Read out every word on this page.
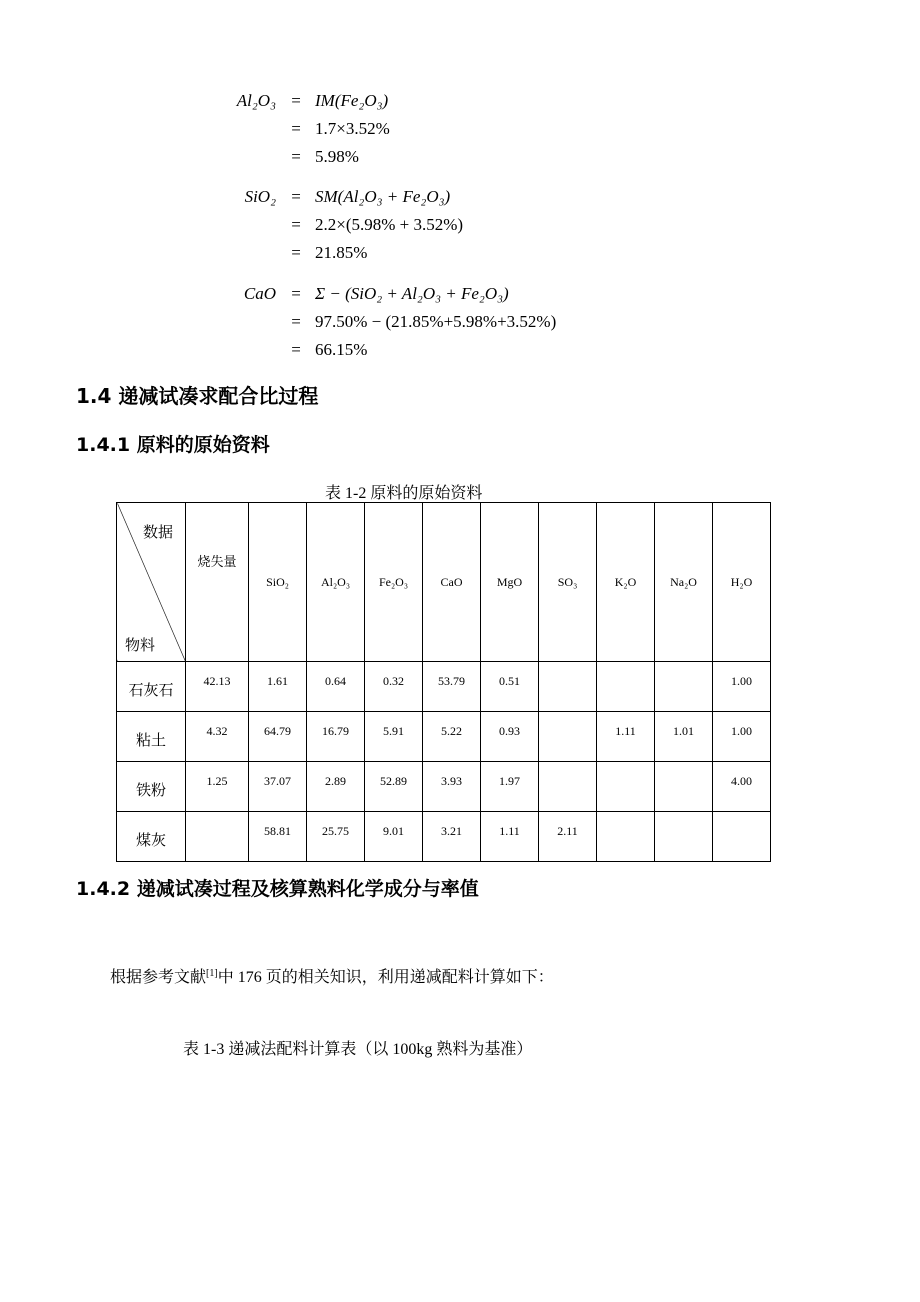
Al₂O₃ = IM(Fe₂O₃)
= 1.7×3.52%
= 5.98%
SiO₂ = SM(Al₂O₃ + Fe₂O₃)
= 2.2×(5.98% + 3.52%)
= 21.85%
CaO = Σ − (SiO₂ + Al₂O₃ + Fe₂O₃)
= 97.50% − (21.85%+5.98%+3.52%)
= 66.15%
1.4 递减试凑求配合比过程
1.4.1 原料的原始资料
表 1-2 原料的原始资料
数据
物料	烧失量	SiO₂	Al₂O₃	Fe₂O₃	CaO	MgO	SO₃	K₂O	Na₂O	H₂O
石灰石	42.13	1.61	0.64	0.32	53.79	0.51				1.00
粘土	4.32	64.79	16.79	5.91	5.22	0.93		1.11	1.01	1.00
铁粉	1.25	37.07	2.89	52.89	3.93	1.97				4.00
煤灰		58.81	25.75	9.01	3.21	1.11	2.11			
1.4.2 递减试凑过程及核算熟料化学成分与率值
根据参考文献[1]中 176 页的相关知识，利用递减配料计算如下：
表 1-3 递减法配料计算表（以 100kg 熟料为基准）
